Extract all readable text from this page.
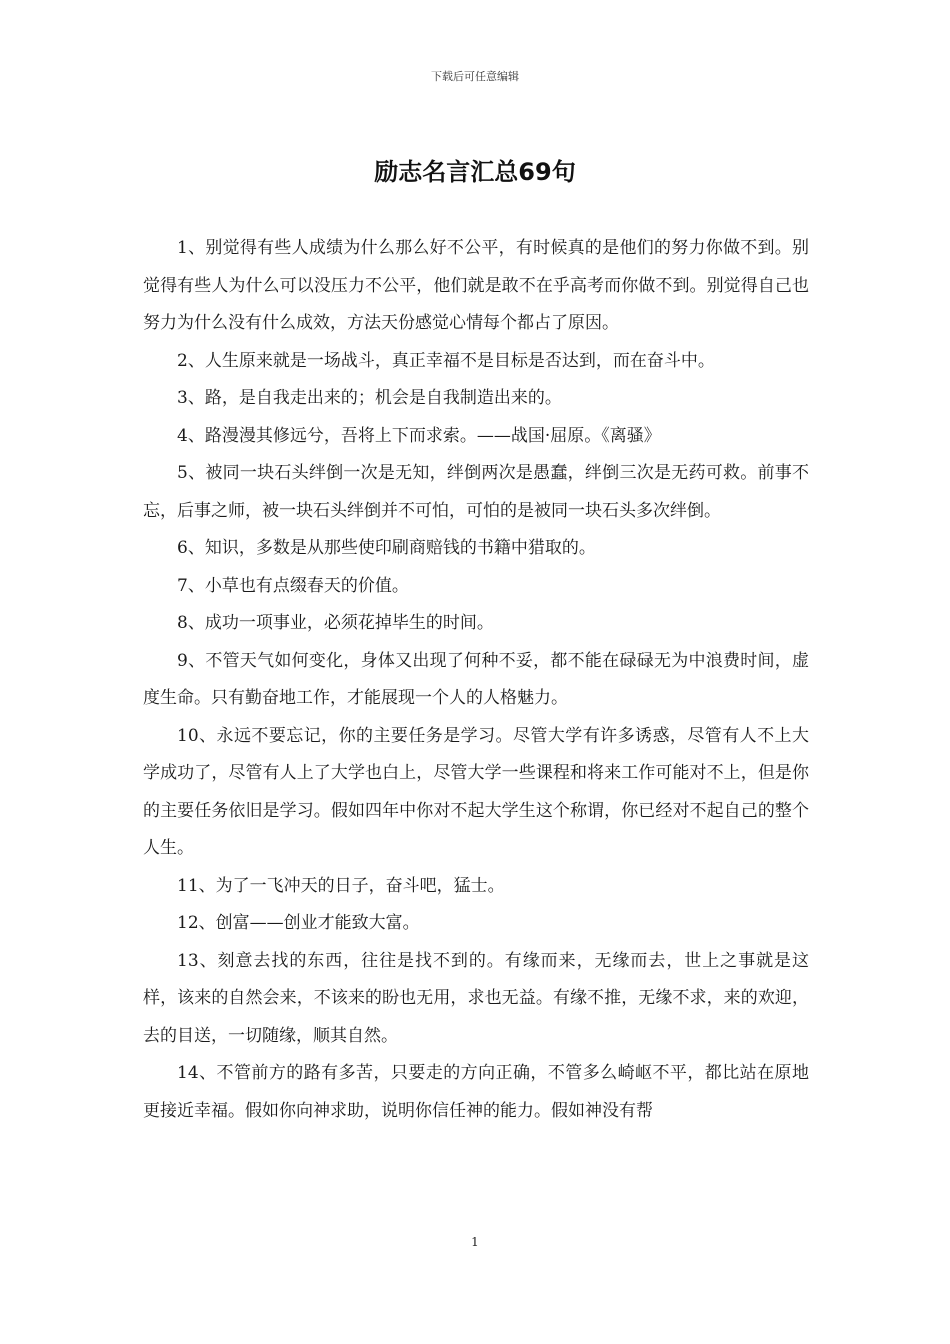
下载后可任意编辑
励志名言汇总69句

1、别觉得有些人成绩为什么那么好不公平，有时候真的是他们的努力你做不到。别觉得有些人为什么可以没压力不公平，他们就是敢不在乎高考而你做不到。别觉得自己也努力为什么没有什么成效，方法天份感觉心情每个都占了原因。

2、人生原来就是一场战斗，真正幸福不是目标是否达到，而在奋斗中。

3、路，是自我走出来的；机会是自我制造出来的。

4、路漫漫其修远兮，吾将上下而求索。——战国·屈原。《离骚》

5、被同一块石头绊倒一次是无知，绊倒两次是愚蠢，绊倒三次是无药可救。前事不忘，后事之师，被一块石头绊倒并不可怕，可怕的是被同一块石头多次绊倒。

6、知识，多数是从那些使印刷商赔钱的书籍中猎取的。

7、小草也有点缀春天的价值。

8、成功一项事业，必须花掉毕生的时间。

9、不管天气如何变化，身体又出现了何种不妥，都不能在碌碌无为中浪费时间，虚度生命。只有勤奋地工作，才能展现一个人的人格魅力。

10、永远不要忘记，你的主要任务是学习。尽管大学有许多诱惑，尽管有人不上大学成功了，尽管有人上了大学也白上，尽管大学一些课程和将来工作可能对不上，但是你的主要任务依旧是学习。假如四年中你对不起大学生这个称谓，你已经对不起自己的整个人生。

11、为了一飞冲天的日子，奋斗吧，猛士。

12、创富——创业才能致大富。

13、刻意去找的东西，往往是找不到的。有缘而来，无缘而去，世上之事就是这样，该来的自然会来，不该来的盼也无用，求也无益。有缘不推，无缘不求，来的欢迎，去的目送，一切随缘，顺其自然。

14、不管前方的路有多苦，只要走的方向正确，不管多么崎岖不平，都比站在原地更接近幸福。假如你向神求助，说明你信任神的能力。假如神没有帮

1
